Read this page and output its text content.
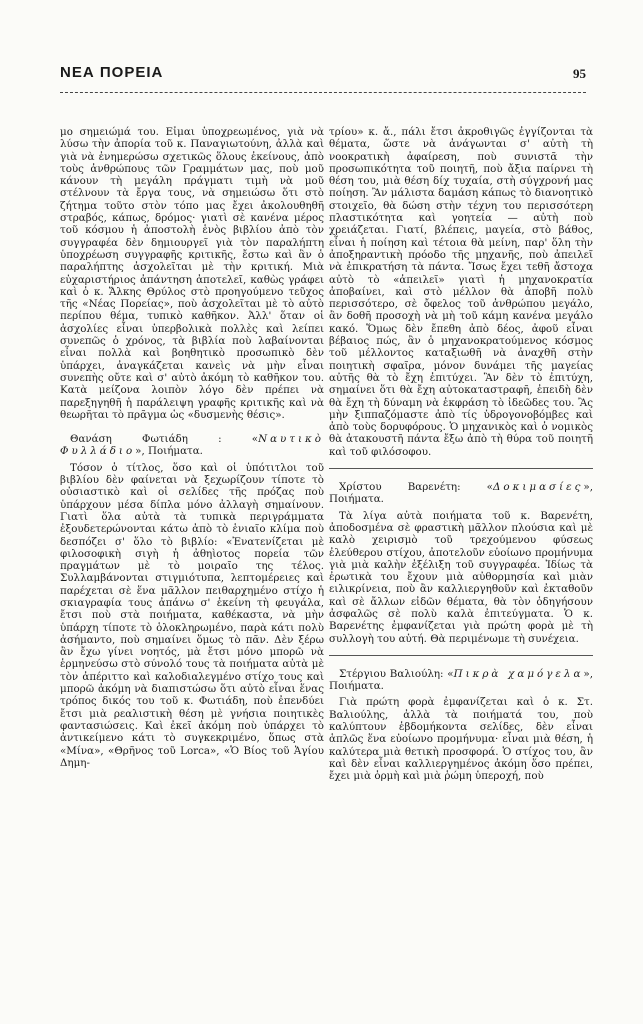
ΝΕΑ ΠΟΡΕΙΑ	95

μο σημειώμά του. Εἶμαι ὑποχρεωμένος, γιὰ νὰ λύσω τὴν ἀπορία τοῦ κ. Παναγιωτούνη, ἀλλὰ καὶ γιὰ νὰ ἐνημερώσω σχετικῶς ὅλους ἐκείνους, ἀπὸ τοὺς ἀνθρώπους τῶν Γραμμάτων μας, ποὺ μοῦ κάνουν τὴ μεγάλη πράγματι τιμὴ νὰ μοῦ στέλνουν τὰ ἔργα τους, νὰ σημειώσω ὅτι στὸ ζήτημα τοῦτο στὸν τόπο μας ἔχει ἀκολουθηθῆ στραβός, κάπως, δρόμος· γιατὶ σὲ κανένα μέρος τοῦ κόσμου ἡ ἀποστολὴ ἑνὸς βιβλίου ἀπὸ τὸν συγγραφέα δὲν δημιουργεῖ γιὰ τὸν παραλήπτη ὑποχρέωση συγγραφῆς κριτικῆς, ἔστω καὶ ἂν ὁ παραλήπτης ἀσχολεῖται μὲ τὴν κριτική. Μιὰ εὐχαριστήριος ἀπάντηση ἀποτελεῖ, καθὼς γράφει καὶ ὁ κ. Ἄλκης Θρύλος στὸ προηγούμενο τεῦχος τῆς «Νέας Πορείας», ποὺ ἀσχολεῖται μὲ τὸ αὐτὸ περίπου θέμα, τυπικὸ καθῆκον. Ἀλλ' ὅταν οἱ ἀσχολίες εἶναι ὑπερβολικὰ πολλὲς καὶ λείπει συνεπῶς ὁ χρόνος, τὰ βιβλία ποὺ λαβαίνονται εἶναι πολλὰ καὶ βοηθητικὸ προσωπικὸ δὲν ὑπάρχει, ἀναγκάζεται κανεὶς νὰ μὴν εἶναι συνεπὴς οὔτε καὶ σ' αὐτὸ ἀκόμη τὸ καθῆκον του. Κατὰ μείζονα λοιπὸν λόγο δὲν πρέπει νὰ παρεξηγηθῆ ἡ παράλειψη γραφῆς κριτικῆς καὶ νὰ θεωρῆται τὸ πρᾶγμα ὡς «δυσμενὴς θέσις».

Θανάση Φωτιάδη : «Ναυτικὸ Φυλλάδιο», Ποιήματα.

Τόσον ὁ τίτλος, ὅσο καὶ οἱ ὑπότιτλοι τοῦ βιβλίου δὲν φαίνεται νὰ ξεχωρίζουν τίποτε τὸ οὐσιαστικὸ καὶ οἱ σελίδες τῆς πρόζας ποὺ ὑπάρχουν μέσα δίπλα μόνο ἀλλαγὴ σημαίνουν. Γιατὶ ὅλα αὐτὰ τὰ τυπικὰ περιγράμματα ἐξουδετερώνονται κάτω ἀπὸ τὸ ἑνιαῖο κλίμα ποὺ δεσπόζει σ' ὅλο τὸ βιβλίο: «Ἐνατενίζεται μὲ φιλοσοφικὴ σιγὴ ἡ ἀθηὶοτος πορεία τῶν πραγμάτων μὲ τὸ μοιραῖο της τέλος. Συλλαμβάνονται στιγμιότυπα, λεπτομέρειες καὶ παρέχεται σὲ ἕνα μᾶλλον πειθαρχημένο στίχο ἡ σκιαγραφία τους ἀπάνω σ' ἐκείνη τὴ φευγάλα, ἔτσι ποὺ στὰ ποιήματα, καθέκαστα, νὰ μὴν ὑπάρχη τίποτε τὸ ὁλοκληρωμένο, παρὰ κάτι πολὺ ἀσήμαντο, ποὺ σημαίνει ὅμως τὸ πᾶν. Δὲν ξέρω ἂν ἔχω γίνει νοητός, μὰ ἔτσι μόνο μπορῶ νὰ ἑρμηνεύσω στὸ σύνολό τους τὰ ποιήματα αὐτὰ μὲ τὸν ἀπέριττο καὶ καλοδιαλεγμένο στίχο τους καὶ μπορῶ ἀκόμη νὰ διαπιστώσω ὅτι αὐτὸ εἶναι ἕνας τρόπος δικός του τοῦ κ. Φωτιάδη, ποὺ ἐπενδύει ἔτσι μιὰ ρεαλιστικὴ θέση μὲ γνήσια ποιητικὲς φαντασιώσεις. Καὶ ἐκεῖ ἀκόμη ποὺ ὑπάρχει τὸ ἀντικείμενο κάτι τὸ συγκεκριμένο, ὅπως στὰ «Μίνα», «Θρῆνος τοῦ Lorca», «Ὁ Βίος τοῦ Ἁγίου Δημη-

τρίου» κ. ἄ., πάλι ἔτσι ἀκροθιγῶς ἐγγίζονται τὰ θέματα, ὥστε νὰ ἀνάγωνται σ' αὐτὴ τὴ νοοκρατικὴ ἀφαίρεση, ποὺ συνιστᾶ τὴν προσωπικότητα τοῦ ποιητῆ, ποὺ ἄξια παίρνει τὴ θέση του, μιὰ θέση δίχ τυχαία, στὴ σύγχρονή μας ποίηση. Ἂν μάλιστα δαμάση κάπως τὸ διανοητικὸ στοιχεῖο, θὰ δώση στὴν τέχνη του περισσότερη πλαστικότητα καὶ γοητεία — αὐτὴ ποὺ χρειάζεται. Γιατί, βλέπεις, μαγεία, στὸ βάθος, εἶναι ἡ ποίηση καὶ τέτοια θὰ μείνη, παρ' ὅλη τὴν ἀποξηραντικὴ πρόοδο τῆς μηχανῆς, ποὺ ἀπειλεῖ νὰ ἐπικρατήση τὰ πάντα. Ἴσως ἔχει τεθῆ ἄστοχα αὐτὸ τὸ «ἀπειλεῖ» γιατὶ ἡ μηχανοκρατία ἀποβαίνει, καὶ στὸ μέλλον θὰ ἀποβῆ πολὺ περισσότερο, σὲ ὄφελος τοῦ ἀνθρώπου μεγάλο, ἂν δοθῆ προσοχὴ νὰ μὴ τοῦ κάμη κανένα μεγάλο κακό. Ὅμως δὲν ἔπεθη ἀπὸ δέος, ἀφοῦ εἶναι βέβαιος πώς, ἂν ὁ μηχανοκρατούμενος κόσμος τοῦ μέλλοντος καταξιωθῆ νὰ ἀναχθῆ στὴν ποιητικὴ σφαῖρα, μόνον δυνάμει τῆς μαγείας αὐτῆς θὰ τὸ ἔχη ἐπιτύχει. Ἂν δὲν τὸ ἐπιτύχη, σημαίνει ὅτι θὰ ἔχη αὐτοκαταστραφῆ, ἐπειδὴ δὲν θὰ ἔχη τὴ δύναμη νὰ ἐκφράση τὸ ἰδεῶδες του. Ἂς μὴν ξιππαζόμαστε ἀπὸ τίς ὑδρογονοβόμβες καὶ ἀπὸ τοὺς δορυφόρους. Ὁ μηχανικὸς καὶ ὁ νομικὸς θὰ ἀτακουστῆ πάντα ἔξω ἀπὸ τὴ θύρα τοῦ ποιητῆ καὶ τοῦ φιλόσοφου.

Χρίστου Βαρενέτη: «Δοκιμασίες», Ποιήματα.

Τὰ λίγα αὐτὰ ποιήματα τοῦ κ. Βαρενέτη, ἀποδοσμένα σὲ φραστικὴ μᾶλλον πλούσια καὶ μὲ καλὸ χειρισμὸ τοῦ τρεχούμενου φύσεως ἐλεύθερου στίχου, ἀποτελοῦν εὐοίωνο προμήνυμα γιὰ μιὰ καλὴν ἐξέλιξη τοῦ συγγραφέα. Ἰδίως τὰ ἐρωτικὰ του ἔχουν μιὰ αὐθορμησία καὶ μιὰν ειλικρίνεια, ποὺ ἂν καλλιεργηθοῦν καὶ ἐκταθοῦν καὶ σὲ ἄλλων εἰδῶν θέματα, θὰ τὸν ὁδηγήσουν ἀσφαλῶς σὲ πολὺ καλὰ ἐπιτεύγματα. Ὁ κ. Βαρενέτης ἐμφανίζεται γιὰ πρώτη φορὰ μὲ τὴ συλλογὴ του αὐτή. Θὰ περιμένωμε τὴ συνέχεια.

Στέργιου Βαλιούλη: «Πικρὰ χαμόγελα», Ποιήματα.

Γιὰ πρώτη φορὰ ἐμφανίζεται καὶ ὁ κ. Στ. Βαλιούλης, ἀλλὰ τὰ ποιήματά του, ποὺ καλύπτουν ἑβδομήκοντα σελίδες, δὲν εἶναι ἁπλῶς ἕνα εὐοίωνο προμήνυμα· εἶναι μιὰ θέση, ἡ καλύτερα μιὰ θετικὴ προσφορά. Ὁ στίχος του, ἂν καὶ δὲν εἶναι καλλιεργημένος ἀκόμη ὅσο πρέπει, ἔχει μιὰ ὁρμὴ καὶ μιὰ ῥώμη ὑπεροχή, ποὺ
